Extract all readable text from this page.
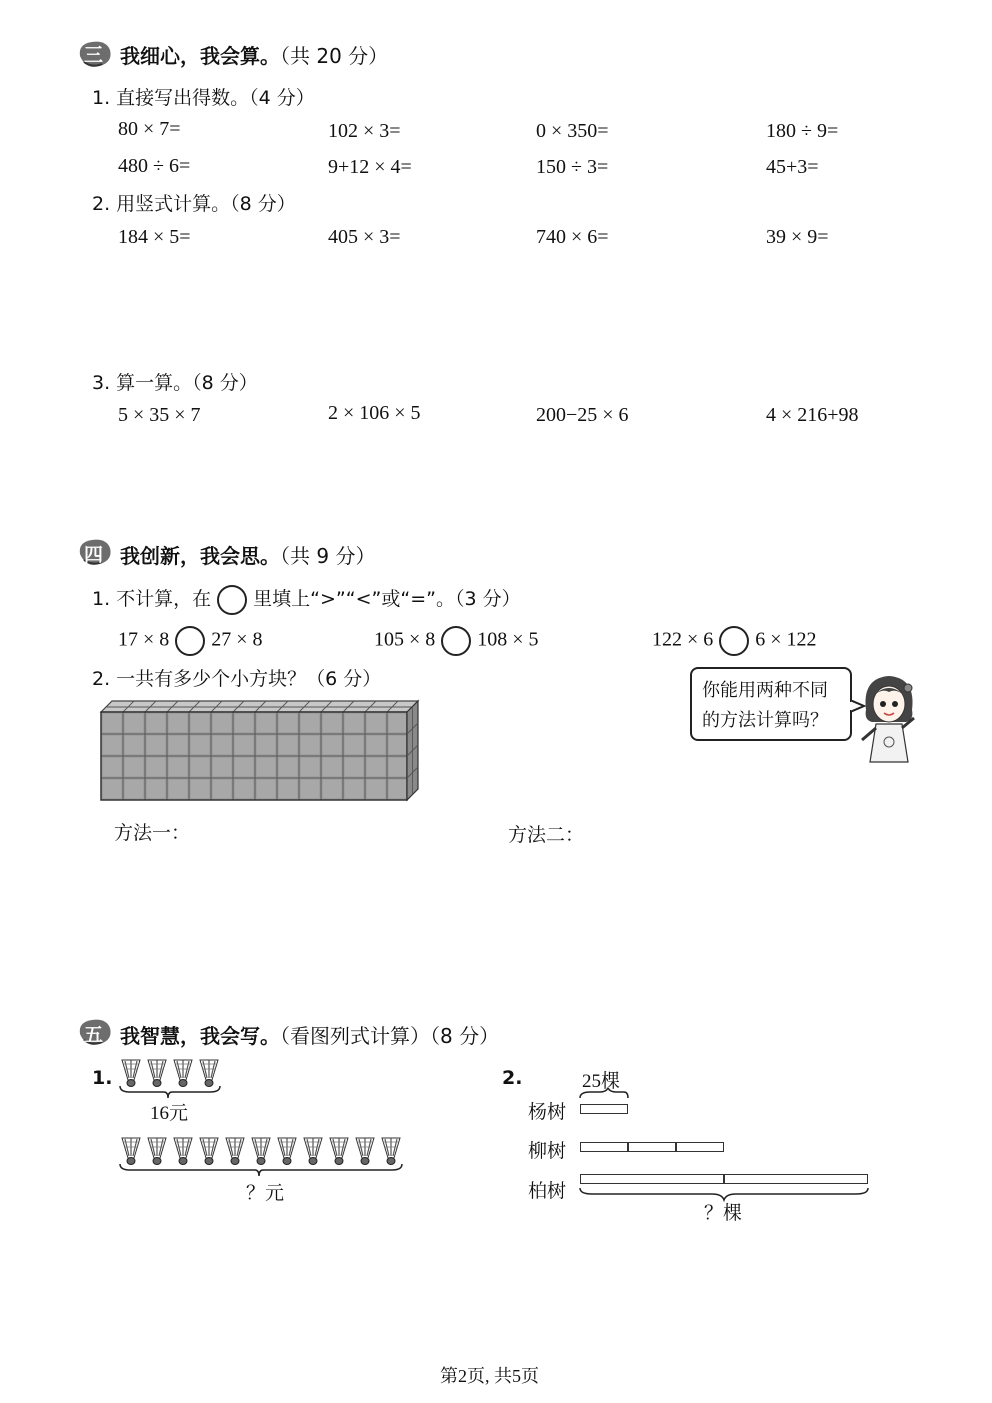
三 我细心，我会算。（共 20 分）
1. 直接写出得数。（4 分）
80 × 7=	102 × 3=	0 × 350=	180 ÷ 9=
480 ÷ 6=	9+12 × 4=	150 ÷ 3=	45+3=
2. 用竖式计算。（8 分）
184 × 5=	405 × 3=	740 × 6=	39 × 9=
3. 算一算。（8 分）
5 × 35 × 7	2 × 106 × 5	200−25 × 6	4 × 216+98
四 我创新，我会思。（共 9 分）
1. 不计算，在 里填上“>”“<”或“=”。（3 分）
17 × 8 27 × 8	105 × 8 108 × 5	122 × 6 6 × 122
2. 一共有多少个小方块？（6 分）
你能用两种不同
的方法计算吗？
方法一：	方法二：
五 我智慧，我会写。（看图列式计算）（8 分）
1.
16元
？元
2.	25棵
杨树
柳树
柏树
？棵
第2页, 共5页
